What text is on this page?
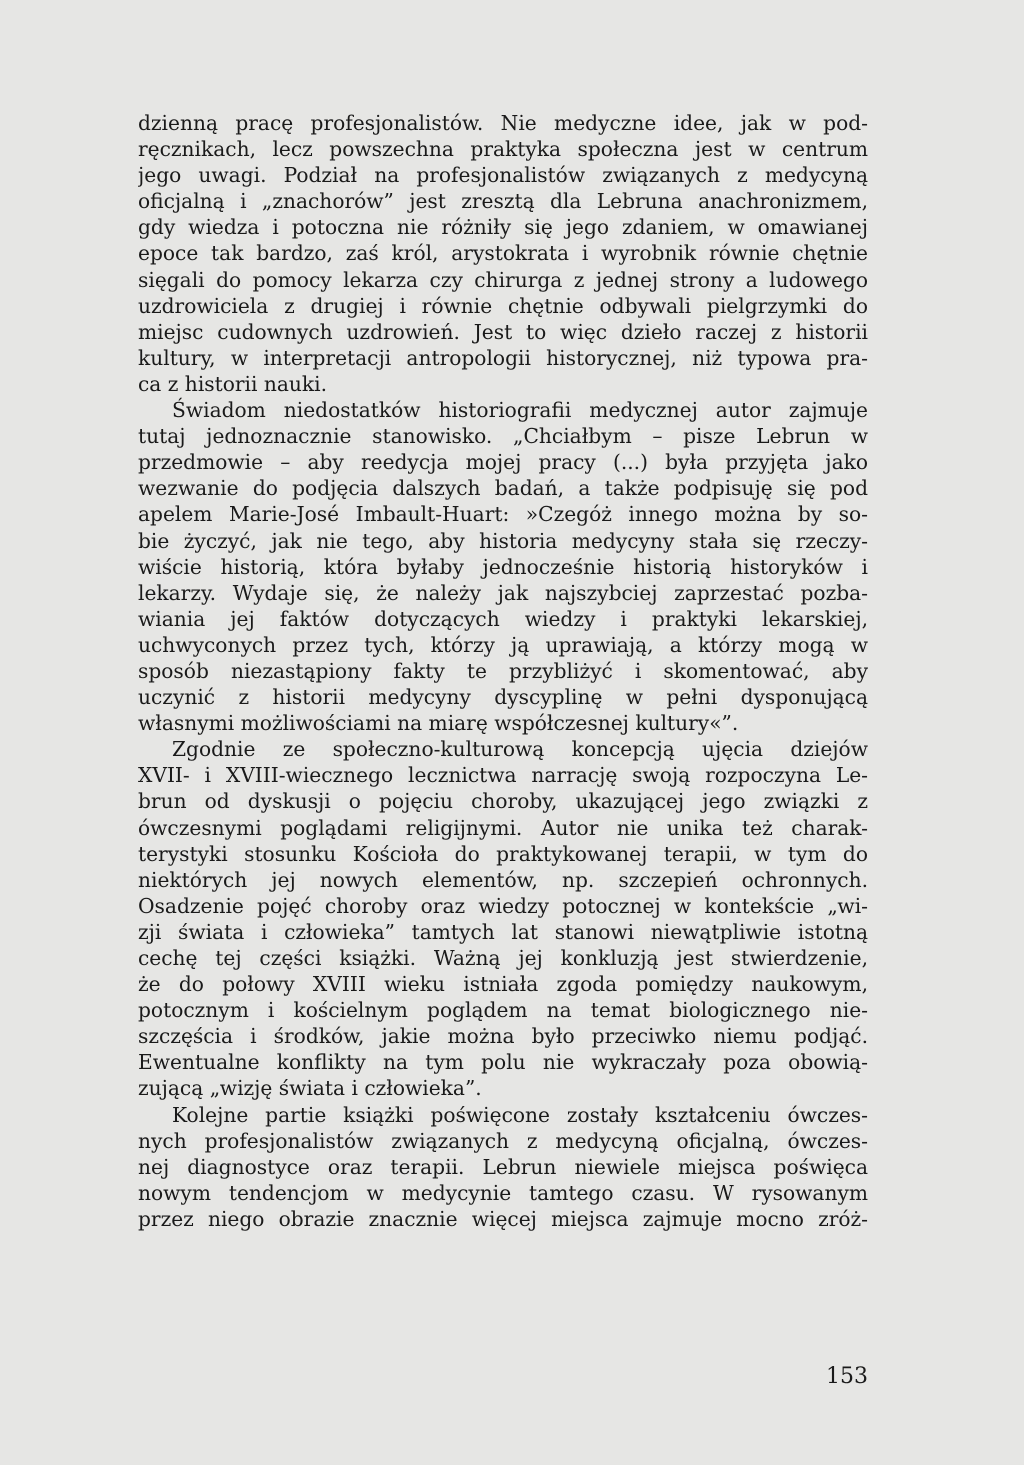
dzienną pracę profesjonalistów. Nie medyczne idee, jak w pod-
ręcznikach, lecz powszechna praktyka społeczna jest w centrum
jego uwagi. Podział na profesjonalistów związanych z medycyną
oficjalną i „znachorów” jest zresztą dla Lebruna anachronizmem,
gdy wiedza i potoczna nie różniły się jego zdaniem, w omawianej
epoce tak bardzo, zaś król, arystokrata i wyrobnik równie chętnie
sięgali do pomocy lekarza czy chirurga z jednej strony a ludowego
uzdrowiciela z drugiej i równie chętnie odbywali pielgrzymki do
miejsc cudownych uzdrowień. Jest to więc dzieło raczej z historii
kultury, w interpretacji antropologii historycznej, niż typowa pra-
ca z historii nauki.
Świadom niedostatków historiografii medycznej autor zajmuje
tutaj jednoznacznie stanowisko. „Chciałbym – pisze Lebrun w
przedmowie – aby reedycja mojej pracy (...) była przyjęta jako
wezwanie do podjęcia dalszych badań, a także podpisuję się pod
apelem Marie-José Imbault-Huart: »Czegóż innego można by so-
bie życzyć, jak nie tego, aby historia medycyny stała się rzeczy-
wiście historią, która byłaby jednocześnie historią historyków i
lekarzy. Wydaje się, że należy jak najszybciej zaprzestać pozba-
wiania jej faktów dotyczących wiedzy i praktyki lekarskiej,
uchwyconych przez tych, którzy ją uprawiają, a którzy mogą w
sposób niezastąpiony fakty te przybliżyć i skomentować, aby
uczynić z historii medycyny dyscyplinę w pełni dysponującą
własnymi możliwościami na miarę współczesnej kultury«”.
Zgodnie ze społeczno-kulturową koncepcją ujęcia dziejów
XVII- i XVIII-wiecznego lecznictwa narrację swoją rozpoczyna Le-
brun od dyskusji o pojęciu choroby, ukazującej jego związki z
ówczesnymi poglądami religijnymi. Autor nie unika też charak-
terystyki stosunku Kościoła do praktykowanej terapii, w tym do
niektórych jej nowych elementów, np. szczepień ochronnych.
Osadzenie pojęć choroby oraz wiedzy potocznej w kontekście „wi-
zji świata i człowieka” tamtych lat stanowi niewątpliwie istotną
cechę tej części książki. Ważną jej konkluzją jest stwierdzenie,
że do połowy XVIII wieku istniała zgoda pomiędzy naukowym,
potocznym i kościelnym poglądem na temat biologicznego nie-
szczęścia i środków, jakie można było przeciwko niemu podjąć.
Ewentualne konflikty na tym polu nie wykraczały poza obowią-
zującą „wizję świata i człowieka”.
Kolejne partie książki poświęcone zostały kształceniu ówczes-
nych profesjonalistów związanych z medycyną oficjalną, ówczes-
nej diagnostyce oraz terapii. Lebrun niewiele miejsca poświęca
nowym tendencjom w medycynie tamtego czasu. W rysowanym
przez niego obrazie znacznie więcej miejsca zajmuje mocno zróż-
153
